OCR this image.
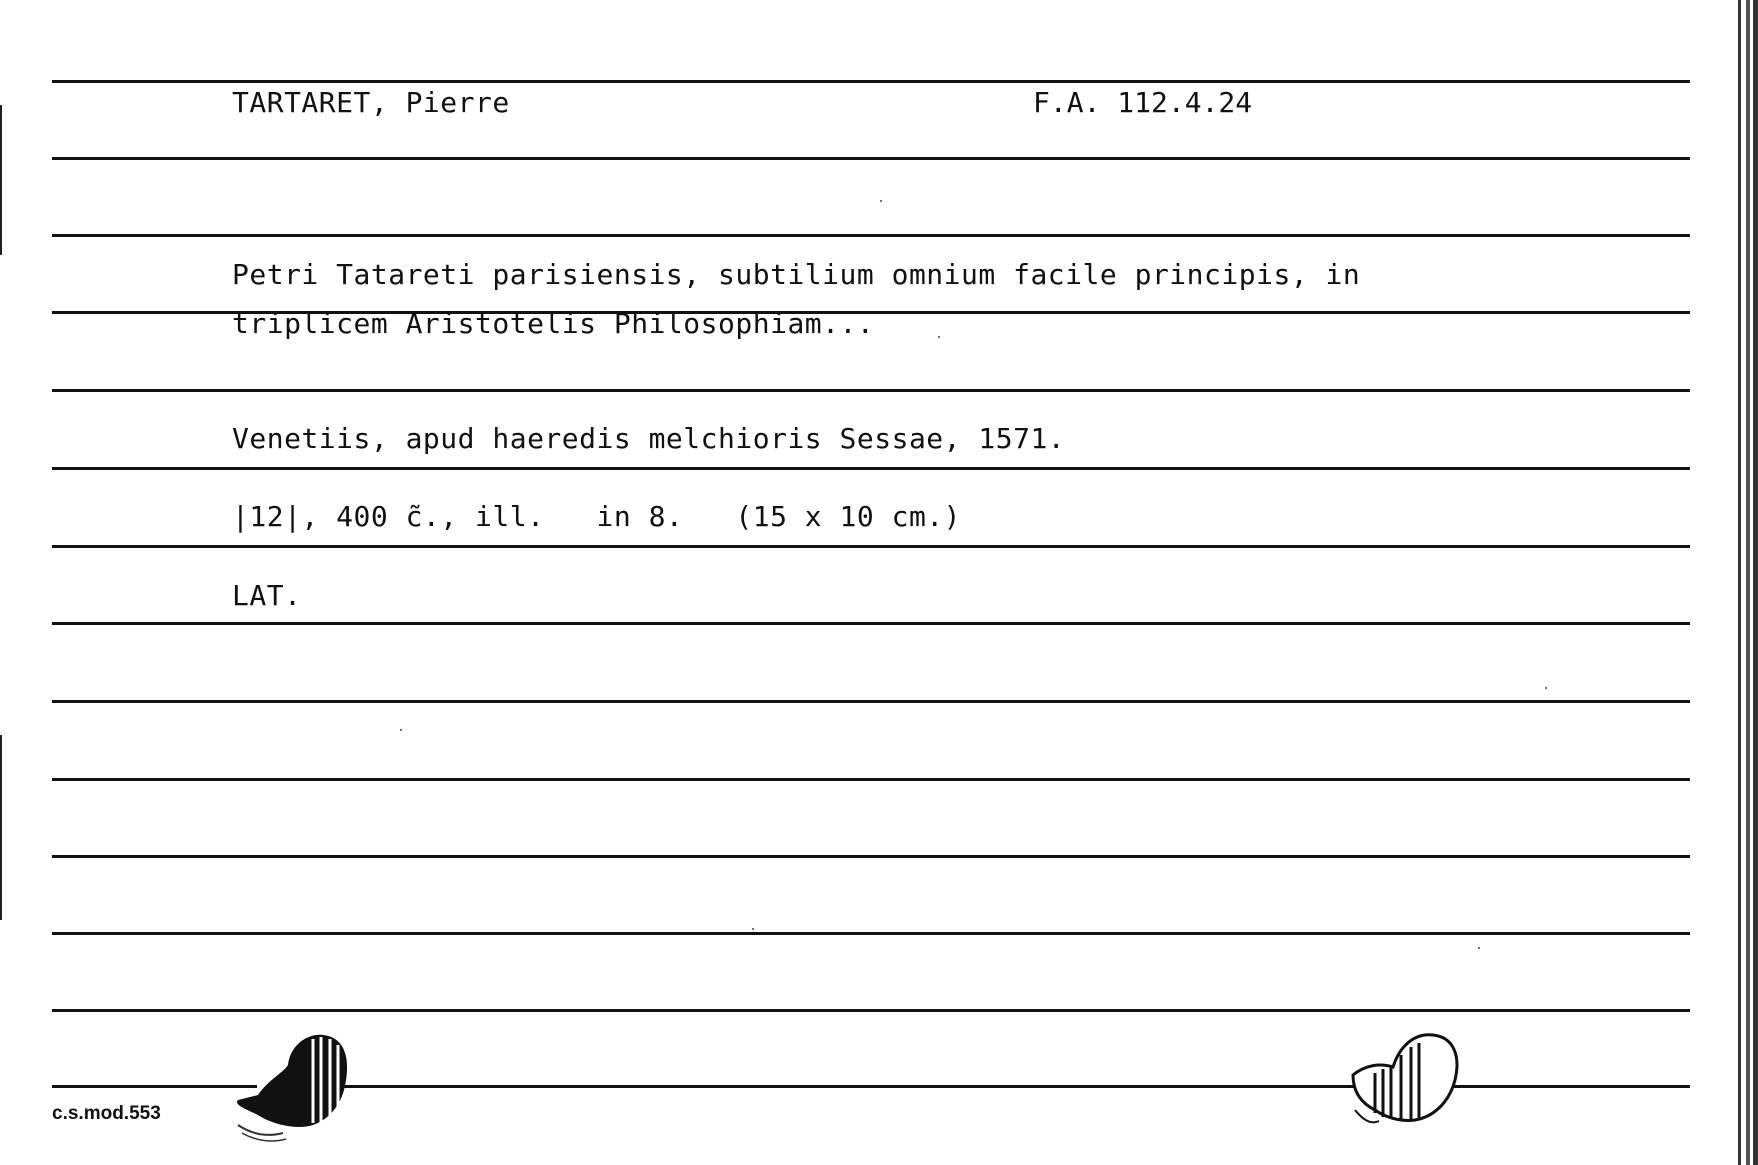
TARTARET, Pierre	F.A. 112.4.24
Petri Tatareti parisiensis, subtilium omnium facile principis, in
triplicem Aristotelis Philosophiam...
Venetiis, apud haeredis melchioris Sessae, 1571.
|12|, 400 c̃., ill.   in 8.   (15 x 10 cm.)
LAT.
c.s.mod.553
